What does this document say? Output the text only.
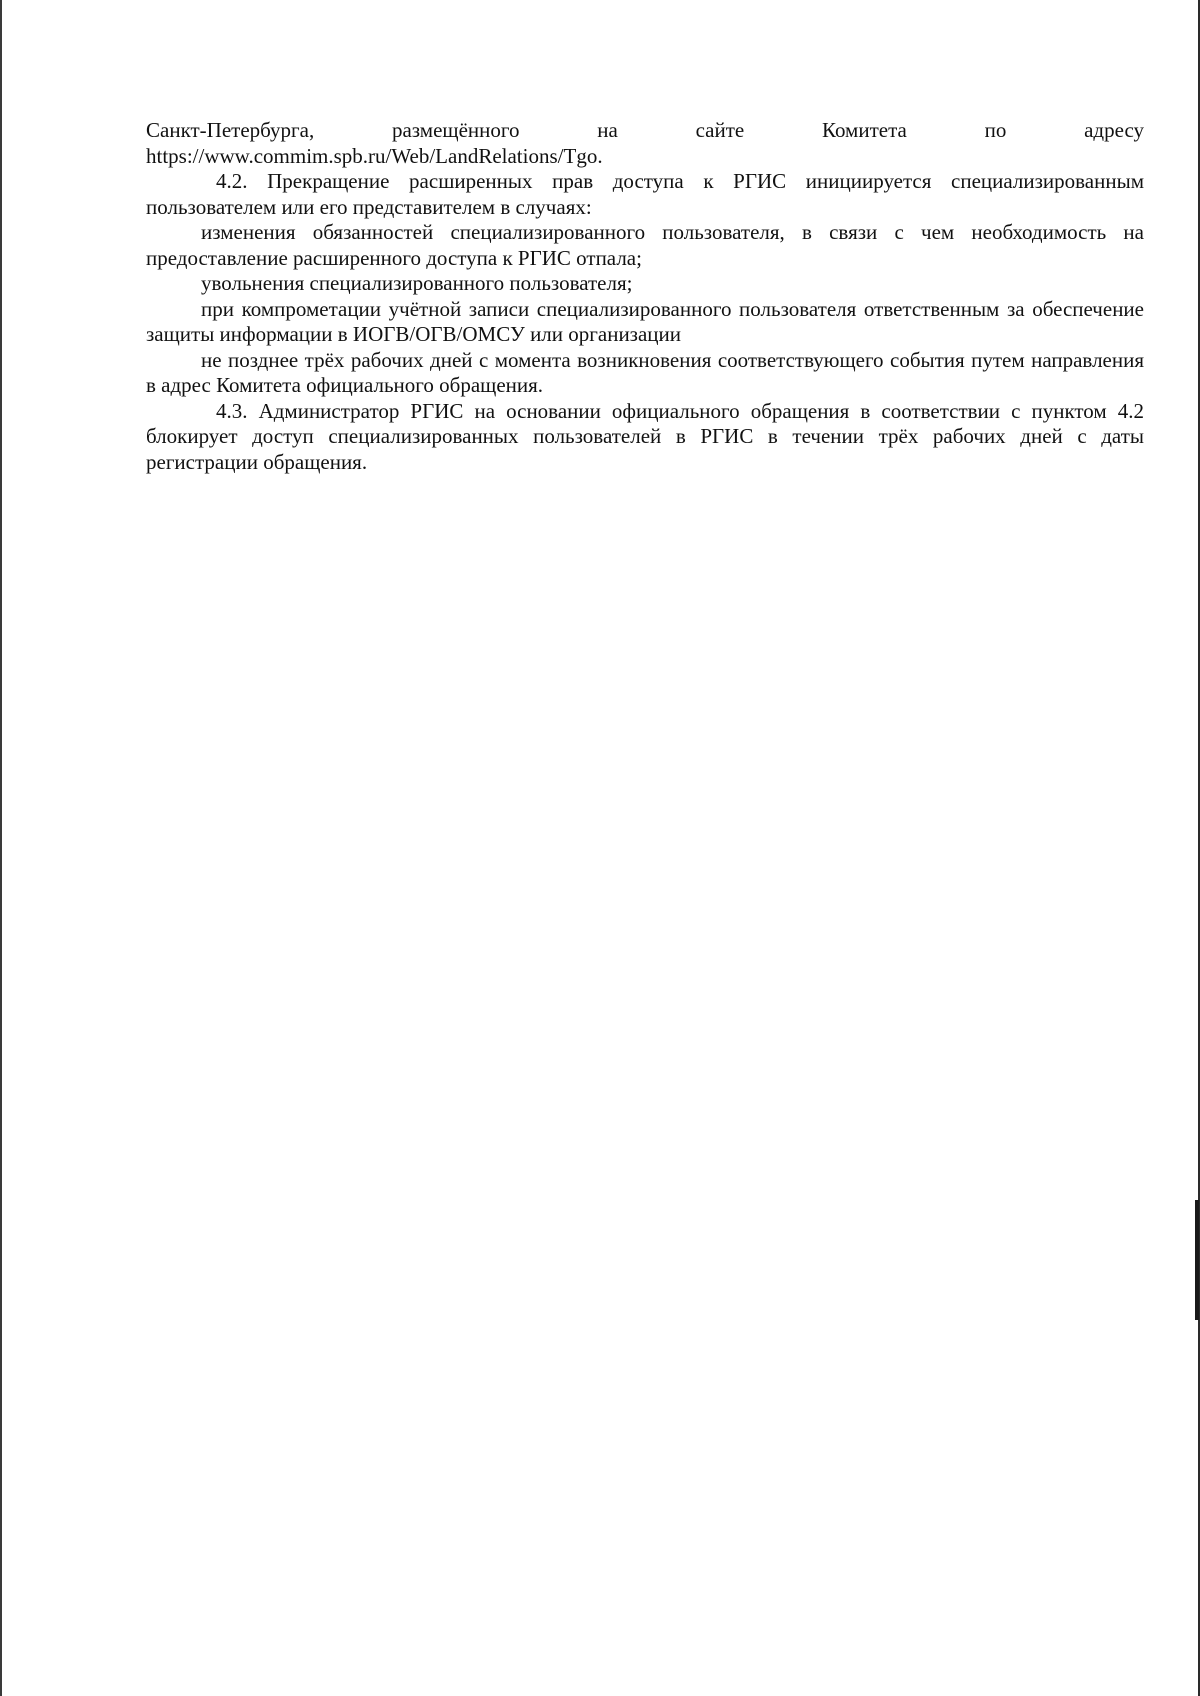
Санкт-Петербурга, размещённого на сайте Комитета по адресу

https://www.commim.spb.ru/Web/LandRelations/Tgo.

4.2. Прекращение расширенных прав доступа к РГИС инициируется специализированным пользователем или его представителем в случаях:

изменения обязанностей специализированного пользователя, в связи с чем необходимость на предоставление расширенного доступа к РГИС отпала;

увольнения специализированного пользователя;

при компрометации учётной записи специализированного пользователя ответственным за обеспечение защиты информации в ИОГВ/ОГВ/ОМСУ или организации

не позднее трёх рабочих дней с момента возникновения соответствующего события путем направления в адрес Комитета официального обращения.

4.3. Администратор РГИС на основании официального обращения в соответствии с пунктом 4.2 блокирует доступ специализированных пользователей в РГИС в течении трёх рабочих дней с даты регистрации обращения.
